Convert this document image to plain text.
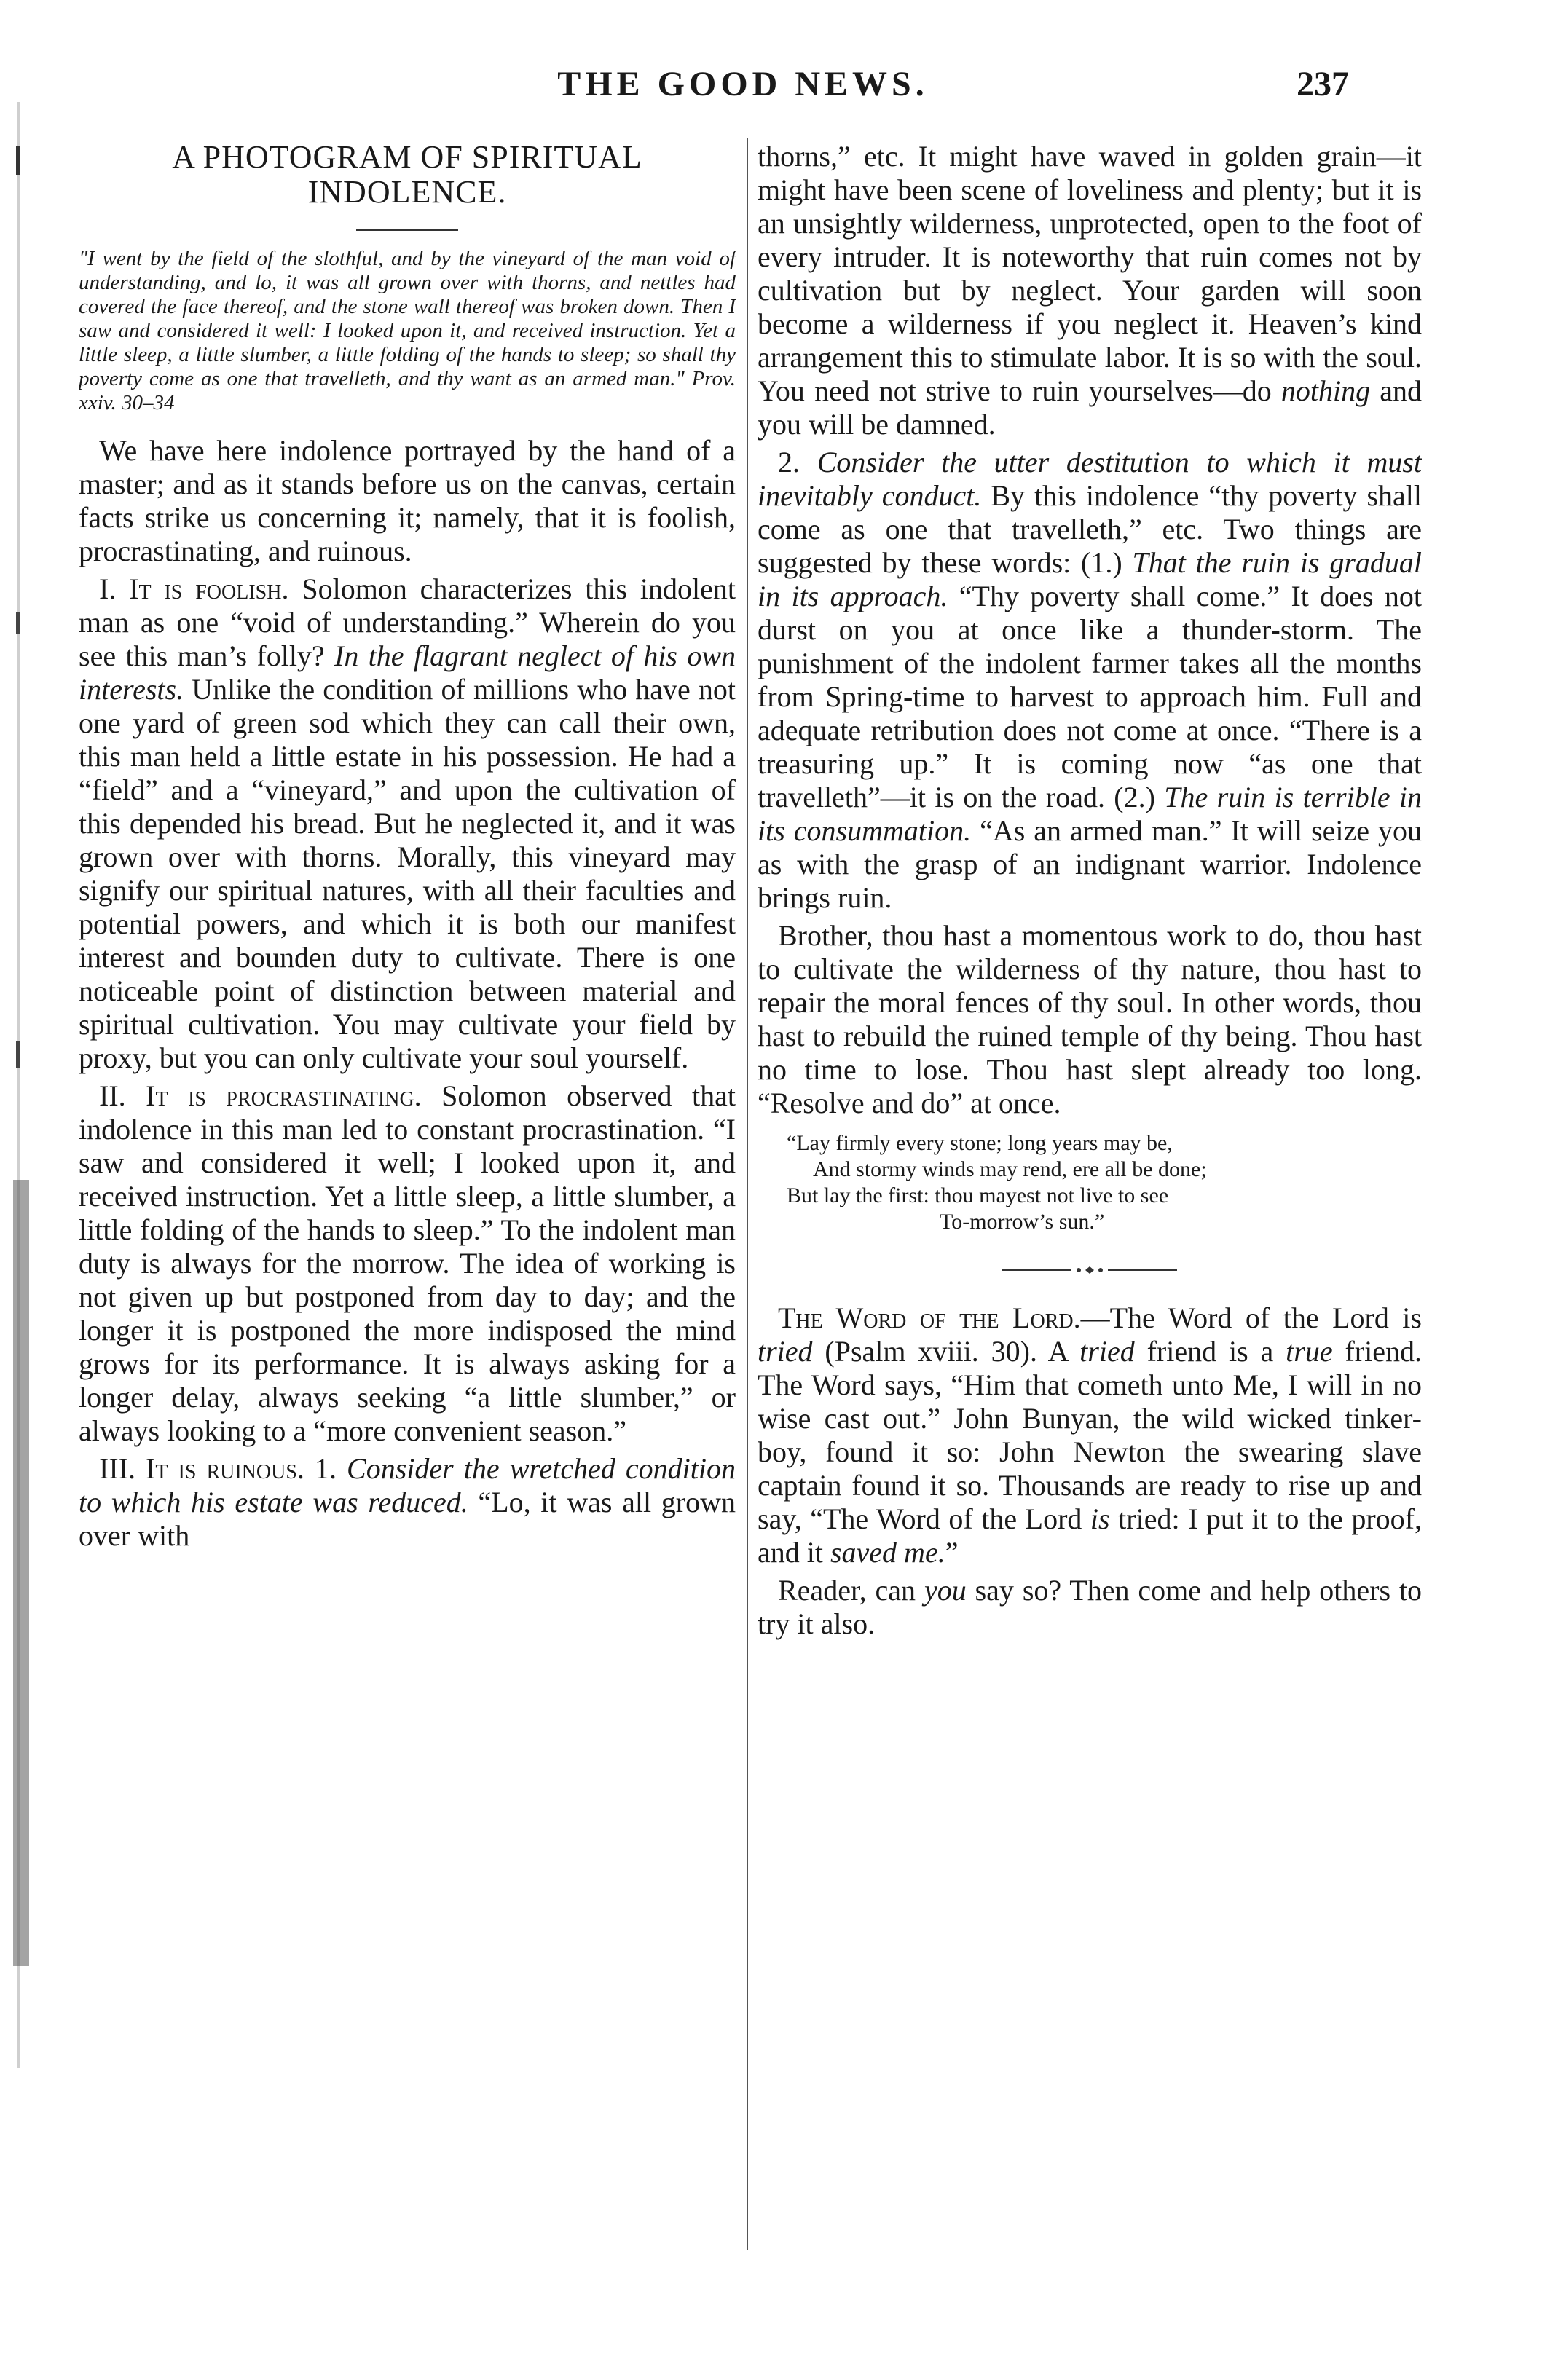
THE GOOD NEWS.	237
A PHOTOGRAM OF SPIRITUAL
INDOLENCE.

"I went by the field of the slothful, and by the vineyard of the man void of understanding, and lo, it was all grown over with thorns, and nettles had covered the face thereof, and the stone wall thereof was broken down. Then I saw and considered it well: I looked upon it, and received instruction. Yet a little sleep, a little slumber, a little folding of the hands to sleep; so shall thy poverty come as one that travelleth, and thy want as an armed man." Prov. xxiv. 30–34

We have here indolence portrayed by the hand of a master; and as it stands before us on the canvas, certain facts strike us concerning it; namely, that it is foolish, procrastinating, and ruinous.

I. It is foolish. Solomon characterizes this indolent man as one “void of understanding.” Wherein do you see this man’s folly? In the flagrant neglect of his own interests. Unlike the condition of millions who have not one yard of green sod which they can call their own, this man held a little estate in his possession. He had a “field” and a “vineyard,” and upon the cultivation of this depended his bread. But he neglected it, and it was grown over with thorns. Morally, this vineyard may signify our spiritual natures, with all their faculties and potential powers, and which it is both our manifest interest and bounden duty to cultivate. There is one noticeable point of distinction between material and spiritual cultivation. You may cultivate your field by proxy, but you can only cultivate your soul yourself.

II. It is procrastinating. Solomon observed that indolence in this man led to constant procrastination. “I saw and considered it well; I looked upon it, and received instruction. Yet a little sleep, a little slumber, a little folding of the hands to sleep.” To the indolent man duty is always for the morrow. The idea of working is not given up but postponed from day to day; and the longer it is postponed the more indisposed the mind grows for its performance. It is always asking for a longer delay, always seeking “a little slumber,” or always looking to a “more convenient season.”

III. It is ruinous. 1. Consider the wretched condition to which his estate was reduced. “Lo, it was all grown over with

thorns,” etc. It might have waved in golden grain—it might have been scene of loveliness and plenty; but it is an unsightly wilderness, unprotected, open to the foot of every intruder. It is noteworthy that ruin comes not by cultivation but by neglect. Your garden will soon become a wilderness if you neglect it. Heaven’s kind arrangement this to stimulate labor. It is so with the soul. You need not strive to ruin yourselves—do nothing and you will be damned.

2. Consider the utter destitution to which it must inevitably conduct. By this indolence “thy poverty shall come as one that travelleth,” etc. Two things are suggested by these words: (1.) That the ruin is gradual in its approach. “Thy poverty shall come.” It does not durst on you at once like a thunder-storm. The punishment of the indolent farmer takes all the months from Spring-time to harvest to approach him. Full and adequate retribution does not come at once. “There is a treasuring up.” It is coming now “as one that travelleth”—it is on the road. (2.) The ruin is terrible in its consummation. “As an armed man.” It will seize you as with the grasp of an indignant warrior. Indolence brings ruin.

Brother, thou hast a momentous work to do, thou hast to cultivate the wilderness of thy nature, thou hast to repair the moral fences of thy soul. In other words, thou hast to rebuild the ruined temple of thy being. Thou hast no time to lose. Thou hast slept already too long. “Resolve and do” at once.

“Lay firmly every stone; long years may be,
And stormy winds may rend, ere all be done;
But lay the first: thou mayest not live to see
To-morrow’s sun.”

The Word of the Lord.—The Word of the Lord is tried (Psalm xviii. 30). A tried friend is a true friend. The Word says, “Him that cometh unto Me, I will in no wise cast out.” John Bunyan, the wild wicked tinker-boy, found it so: John Newton the swearing slave captain found it so. Thousands are ready to rise up and say, “The Word of the Lord is tried: I put it to the proof, and it saved me.”

Reader, can you say so? Then come and help others to try it also.
